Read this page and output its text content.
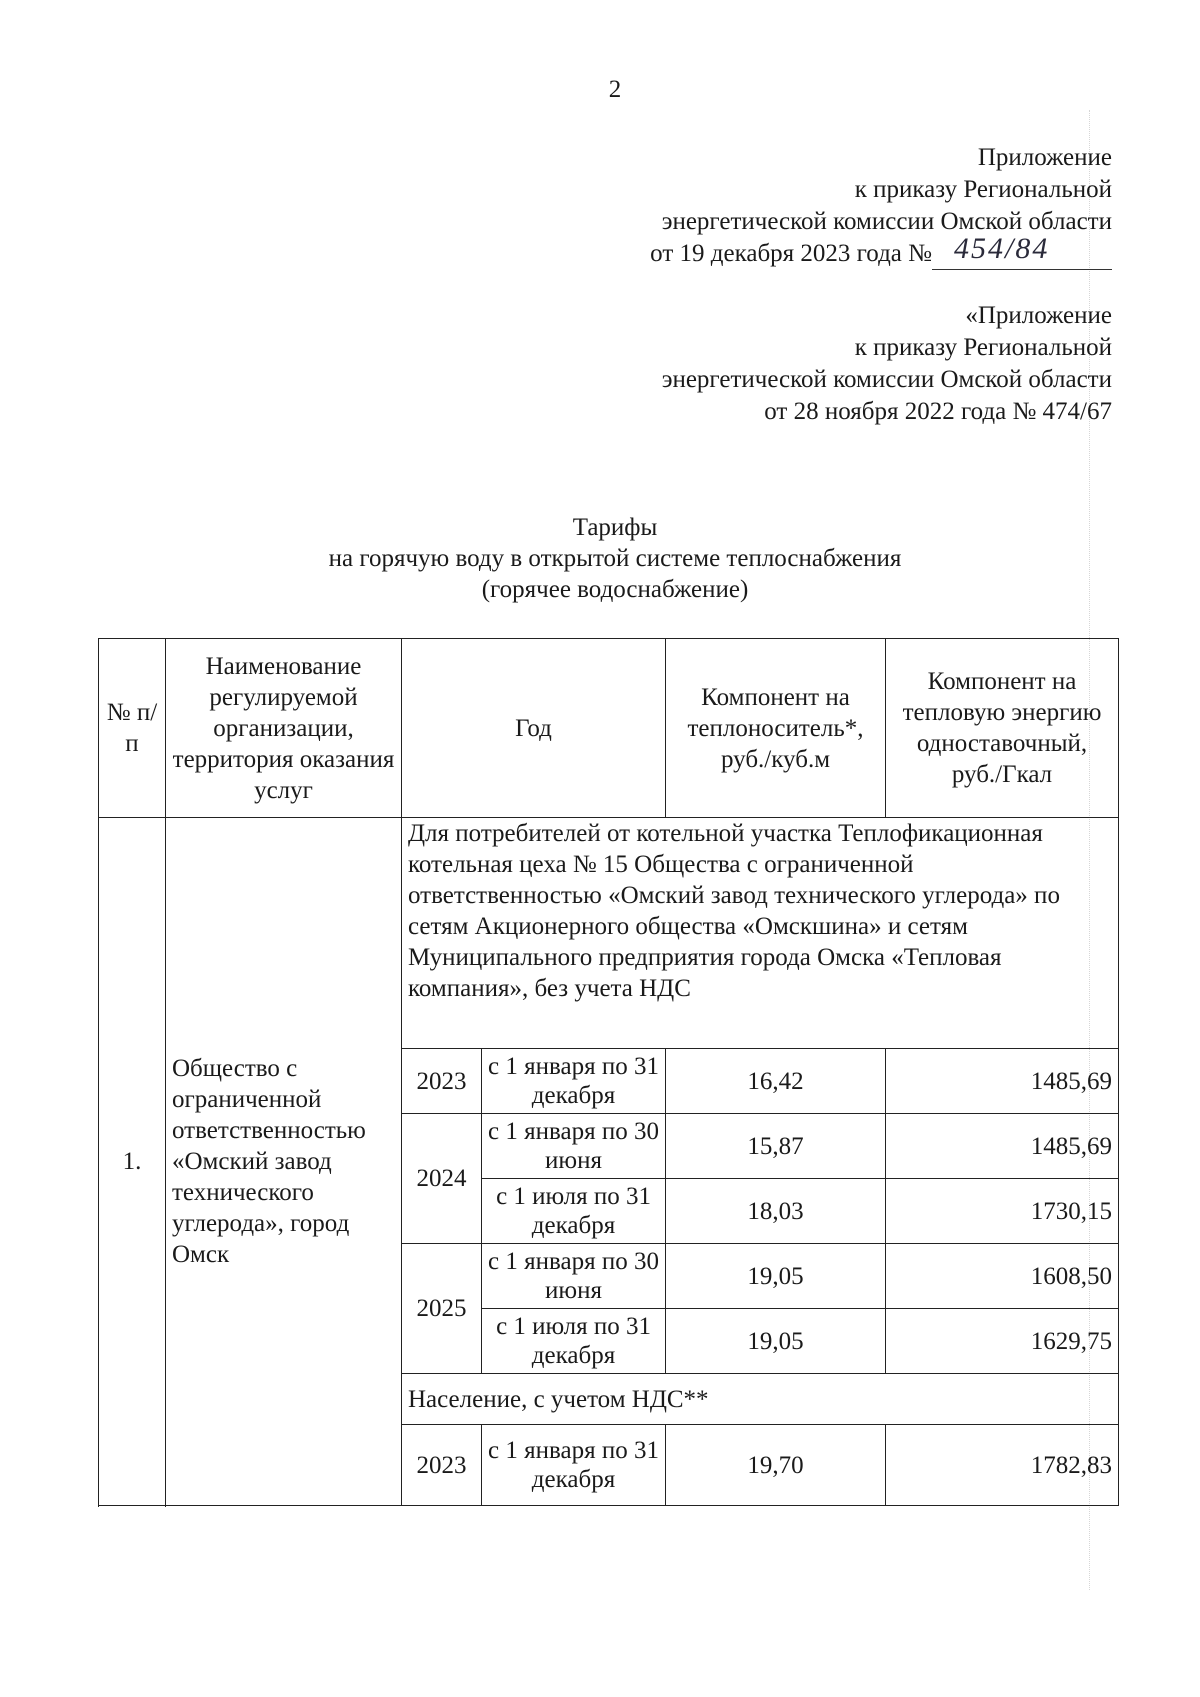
2

Приложение

к приказу Региональной

энергетической комиссии Омской области

от 19 декабря 2023 года № 454/84

«Приложение

к приказу Региональной

энергетической комиссии Омской области

от 28 ноября 2022 года № 474/67

Тарифы

на горячую воду в открытой системе теплоснабжения

(горячее водоснабжение)

№ п/п	Наименование регулируемой организации, территория оказания услуг	Год		Компонент на теплоноситель*, руб./куб.м	Компонент на тепловую энергию одноставочный, руб./Гкал
1.	Общество с ограниченной ответственностью «Омский завод технического углерода», город Омск	Для потребителей от котельной участка Теплофикационная котельная цеха № 15 Общества с ограниченной ответственностью «Омский завод технического углерода» по сетям Акционерного общества «Омскшина» и сетям Муниципального предприятия города Омска «Тепловая компания», без учета НДС			
		2023	с 1 января по 31 декабря	16,42	1485,69
		2024	с 1 января по 30 июня	15,87	1485,69
			с 1 июля по 31 декабря	18,03	1730,15
		2025	с 1 января по 30 июня	19,05	1608,50
			с 1 июля по 31 декабря	19,05	1629,75
		Население, с учетом НДС**			
		2023	с 1 января по 31 декабря	19,70	1782,83
